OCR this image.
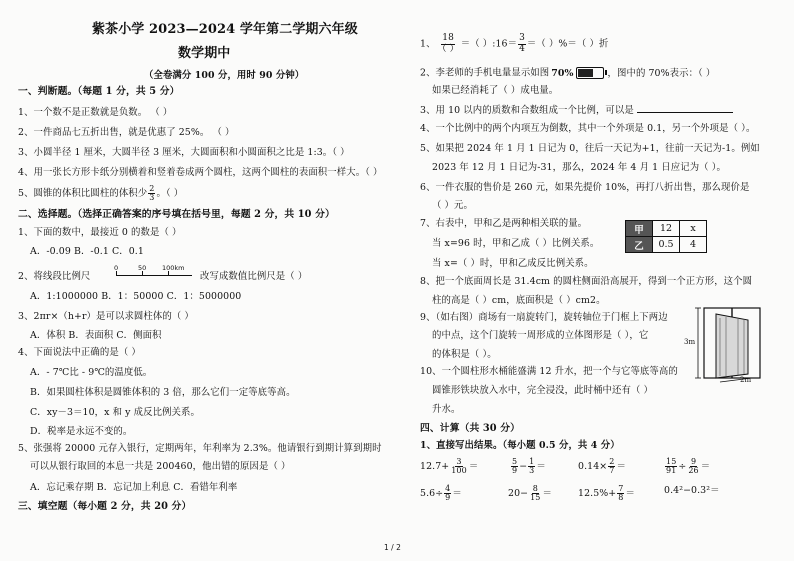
紫茶小学 2023—2024 学年第二学期六年级
数学期中
（全卷满分 100 分，用时 90 分钟）
一、判断题。（每题 1 分，共 5 分）
1、一个数不是正数就是负数。 （ ）
2、一件商品七五折出售，就是优惠了 25%。 （ ）
3、小圆半径 1 厘米，大圆半径 3 厘米，大圆面积和小圆面积之比是 1:3。（ ）
4、用一张长方形卡纸分别横着和竖着卷成两个圆柱，这两个圆柱的表面积一样大。（ ）
5、圆锥的体积比圆柱的体积少 $\frac{2}{3}$ 。（ ）
二、选择题。（选择正确答案的序号填在括号里，每题 2 分，共 10 分）
1、下面的数中，最接近 0 的数是（ ）
A．-0.09 B．-0.1 C．0.1
2、将线段比例尺
0	50 100km
改写成数值比例尺是（ ）
A．1:1000000 B．1：50000 C．1：5000000
3、2πr×（h+r）是可以求圆柱体的（ ）
A．体积 B．表面积 C．侧面积
4、下面说法中正确的是（ ）
A．- 7℃比 - 9℃的温度低。
B．如果圆柱体积是圆锥体积的 3 倍，那么它们一定等底等高。
C．xy－3＝10，x 和 y 成反比例关系。
D．税率是永远不变的。
5、张强将 20000 元存入银行，定期两年，年利率为 2.3%。他请银行到期计算到期时
可以从银行取回的本息一共是 200460，他出错的原因是（ ）
A．忘记乘存期 B．忘记加上利息 C．看错年利率
三、填空题（每小题 2 分，共 20 分）
1、 $\frac{18}{( )}$ ＝（ ）:16＝ $\frac{3}{4}$ ＝（ ）%＝（ ）折
2、李老师的手机电量显示如图 70%	，图中的 70%表示：（ ）
如果已经消耗了（ ）成电量。
3、用 10 以内的质数和合数组成一个比例，可以是
4、一个比例中的两个内项互为倒数，其中一个外项是 0.1，另一个外项是（ ）。
5、如果把 2024 年 1 月 1 日记为 0，往后一天记为+1，往前一天记为-1。例如
2023 年 12 月 1 日记为-31，那么，2024 年 4 月 1 日应记为（ ）。
6、一件衣服的售价是 260 元，如果先提价 10%，再打八折出售，那么现价是
（ ）元。
7、右表中，甲和乙是两种相关联的量。
当 x=96 时，甲和乙成（ ）比例关系。
当 x=（ ）时，甲和乙成反比例关系。
甲	12	x
乙	0.5	4
8、把一个底面周长是 31.4cm 的圆柱侧面沿高展开，得到一个正方形，这个圆
柱的高是（ ）cm，底面积是（ ）cm2。
9、（如右图）商场有一扇旋转门，旋转轴位于门框上下两边
的中点，这个门旋转一周形成的立体图形是（ ），它
的体积是（ ）。
3m
2m
10、一个圆柱形水桶能盛满 12 升水，把一个与它等底等高的
圆锥形铁块放入水中，完全浸没，此时桶中还有（ ）
升水。
四、计算（共 30 分）
1、直接写出结果。（每小题 0.5 分，共 4 分）
$12.7+ \frac{3}{100}$ ＝	$\frac{5}{9} - \frac{1}{3}$ ＝	$0.14\times \frac{2}{7}$ ＝	$\frac{15}{91} \div \frac{9}{26}$ ＝
$5.6\div \frac{4}{9}$ ＝	$20- \frac{8}{15}$ ＝	$12.5\%+ \frac{7}{8}$ ＝	0.4²−0.3²＝
1 / 2
